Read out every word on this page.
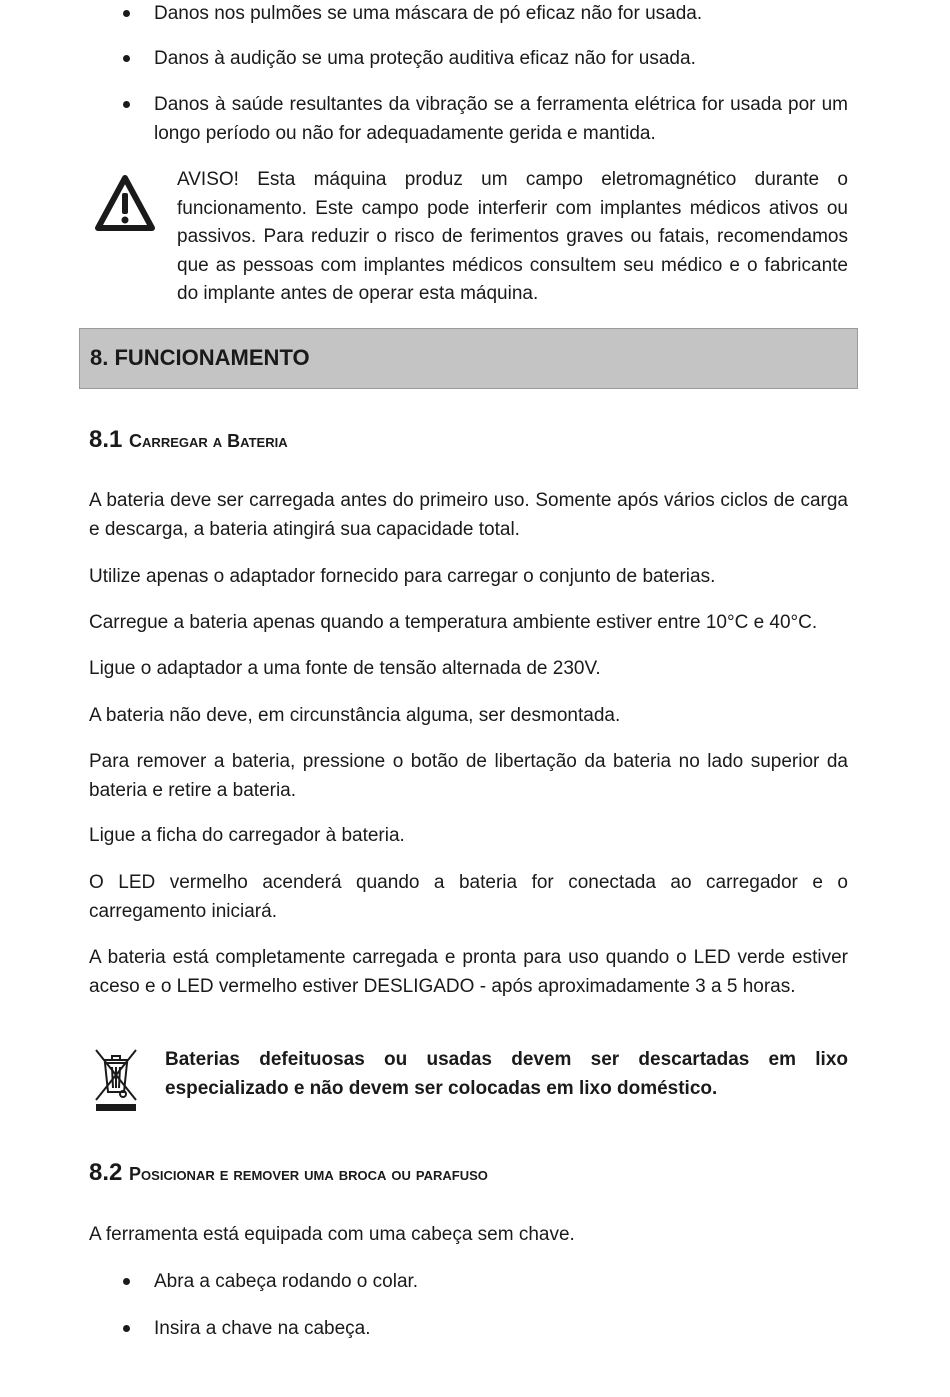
Danos nos pulmões se uma máscara de pó eficaz não for usada.

Danos à audição se uma proteção auditiva eficaz não for usada.

Danos à saúde resultantes da vibração se a ferramenta elétrica for usada por um longo período ou não for adequadamente gerida e mantida.

AVISO! Esta máquina produz um campo eletromagnético durante o funcionamento. Este campo pode interferir com implantes médicos ativos ou passivos. Para reduzir o risco de ferimentos graves ou fatais, recomendamos que as pessoas com implantes médicos consultem seu médico e o fabricante do implante antes de operar esta máquina.

8. FUNCIONAMENTO
8.1 Carregar a Bateria

A bateria deve ser carregada antes do primeiro uso. Somente após vários ciclos de carga e descarga, a bateria atingirá sua capacidade total.

Utilize apenas o adaptador fornecido para carregar o conjunto de baterias.

Carregue a bateria apenas quando a temperatura ambiente estiver entre 10°C e 40°C.

Ligue o adaptador a uma fonte de tensão alternada de 230V.

A bateria não deve, em circunstância alguma, ser desmontada.

Para remover a bateria, pressione o botão de libertação da bateria no lado superior da bateria e retire a bateria.

Ligue a ficha do carregador à bateria.

O LED vermelho acenderá quando a bateria for conectada ao carregador e o carregamento iniciará.

A bateria está completamente carregada e pronta para uso quando o LED verde estiver aceso e o LED vermelho estiver DESLIGADO - após aproximadamente 3 a 5 horas.

Baterias defeituosas ou usadas devem ser descartadas em lixo especializado e não devem ser colocadas em lixo doméstico.

8.2 Posicionar e remover uma broca ou parafuso

A ferramenta está equipada com uma cabeça sem chave.

Abra a cabeça rodando o colar.

Insira a chave na cabeça.
